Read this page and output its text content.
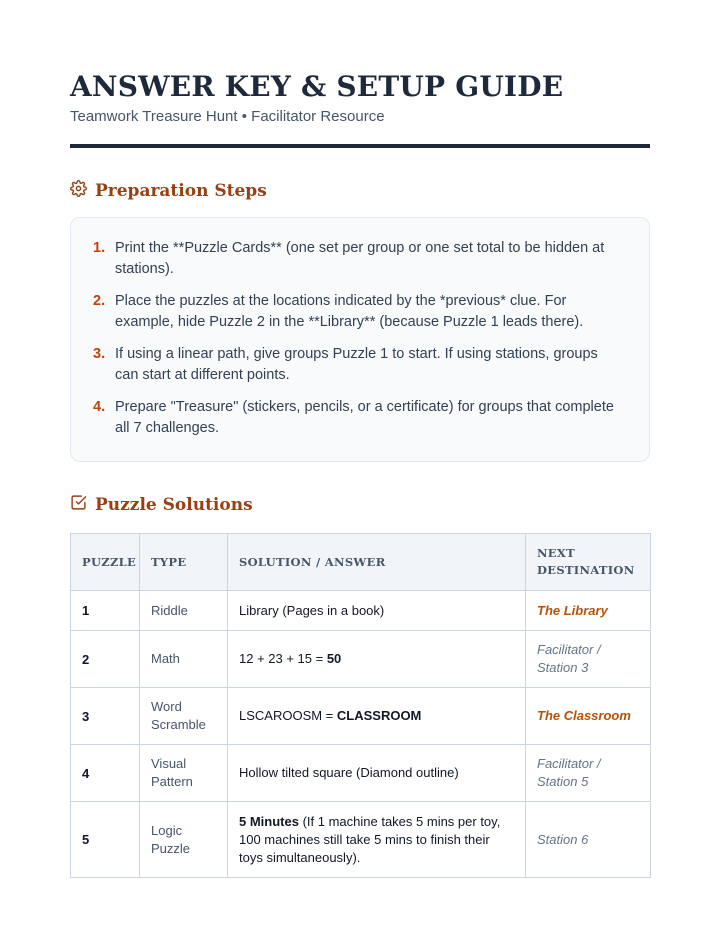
ANSWER KEY & SETUP GUIDE
Teamwork Treasure Hunt • Facilitator Resource
Preparation Steps
1. Print the **Puzzle Cards** (one set per group or one set total to be hidden at stations).
2. Place the puzzles at the locations indicated by the *previous* clue. For example, hide Puzzle 2 in the **Library** (because Puzzle 1 leads there).
3. If using a linear path, give groups Puzzle 1 to start. If using stations, groups can start at different points.
4. Prepare "Treasure" (stickers, pencils, or a certificate) for groups that complete all 7 challenges.
Puzzle Solutions
PUZZLE	TYPE	SOLUTION / ANSWER	NEXT DESTINATION
1	Riddle	Library (Pages in a book)	The Library
2	Math	12 + 23 + 15 = 50	Facilitator / Station 3
3	Word Scramble	LSCAROOSM = CLASSROOM	The Classroom
4	Visual Pattern	Hollow tilted square (Diamond outline)	Facilitator / Station 5
5	Logic Puzzle	5 Minutes (If 1 machine takes 5 mins per toy, 100 machines still take 5 mins to finish their toys simultaneously).	Station 6
